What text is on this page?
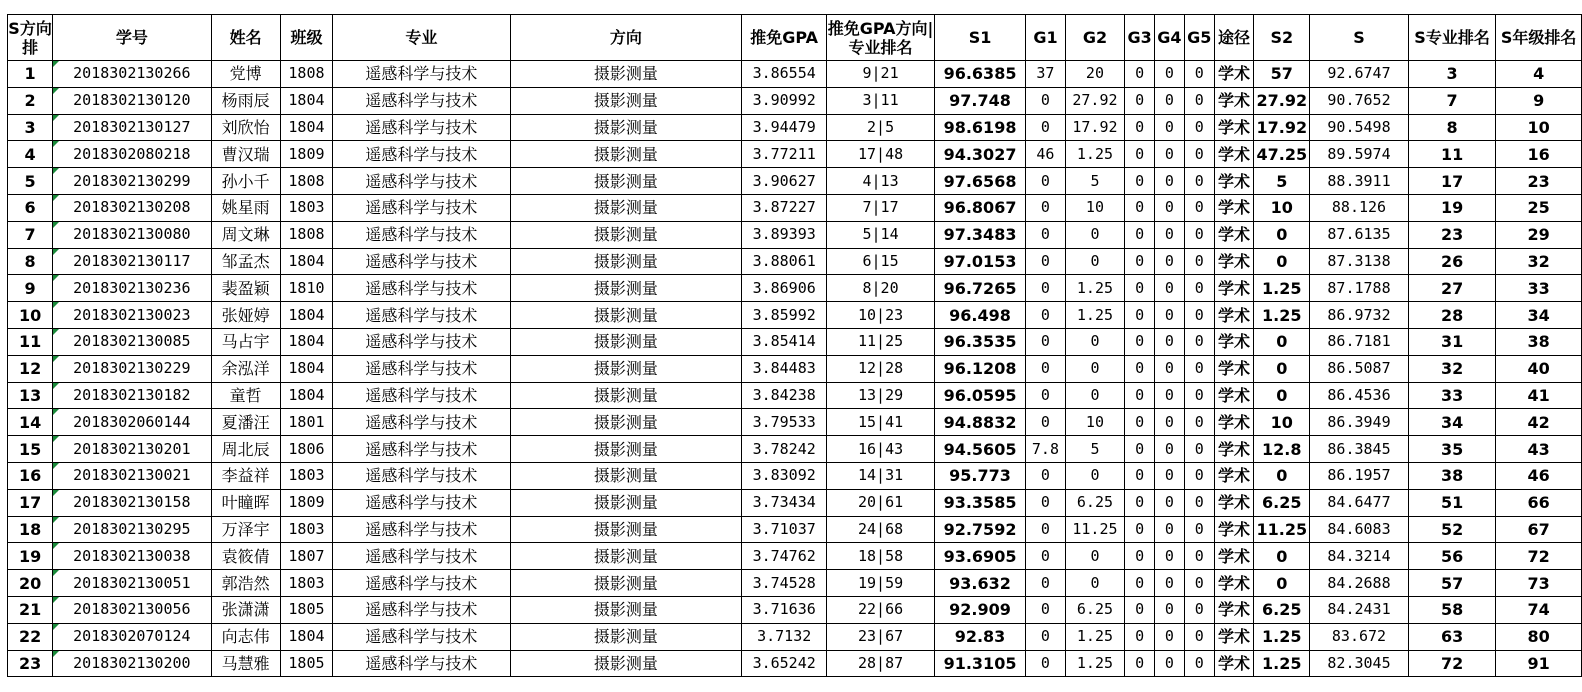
S方向排	学号	姓名	班级	专业	方向	推免GPA	推免GPA方向|专业排名	S1	G1	G2	G3	G4	G5	途径	S2	S	S专业排名	S年级排名
1	2018302130266	党博	1808	遥感科学与技术	摄影测量	3.86554	9|21	96.6385	37	20	0	0	0	学术	57	92.6747	3	4
2	2018302130120	杨雨辰	1804	遥感科学与技术	摄影测量	3.90992	3|11	97.748	0	27.92	0	0	0	学术	27.92	90.7652	7	9
3	2018302130127	刘欣怡	1804	遥感科学与技术	摄影测量	3.94479	2|5	98.6198	0	17.92	0	0	0	学术	17.92	90.5498	8	10
4	2018302080218	曹汉瑞	1809	遥感科学与技术	摄影测量	3.77211	17|48	94.3027	46	1.25	0	0	0	学术	47.25	89.5974	11	16
5	2018302130299	孙小千	1808	遥感科学与技术	摄影测量	3.90627	4|13	97.6568	0	5	0	0	0	学术	5	88.3911	17	23
6	2018302130208	姚星雨	1803	遥感科学与技术	摄影测量	3.87227	7|17	96.8067	0	10	0	0	0	学术	10	88.126	19	25
7	2018302130080	周文琳	1808	遥感科学与技术	摄影测量	3.89393	5|14	97.3483	0	0	0	0	0	学术	0	87.6135	23	29
8	2018302130117	邹孟杰	1804	遥感科学与技术	摄影测量	3.88061	6|15	97.0153	0	0	0	0	0	学术	0	87.3138	26	32
9	2018302130236	裴盈颖	1810	遥感科学与技术	摄影测量	3.86906	8|20	96.7265	0	1.25	0	0	0	学术	1.25	87.1788	27	33
10	2018302130023	张娅婷	1804	遥感科学与技术	摄影测量	3.85992	10|23	96.498	0	1.25	0	0	0	学术	1.25	86.9732	28	34
11	2018302130085	马占宇	1804	遥感科学与技术	摄影测量	3.85414	11|25	96.3535	0	0	0	0	0	学术	0	86.7181	31	38
12	2018302130229	余泓洋	1804	遥感科学与技术	摄影测量	3.84483	12|28	96.1208	0	0	0	0	0	学术	0	86.5087	32	40
13	2018302130182	童哲	1804	遥感科学与技术	摄影测量	3.84238	13|29	96.0595	0	0	0	0	0	学术	0	86.4536	33	41
14	2018302060144	夏潘汪	1801	遥感科学与技术	摄影测量	3.79533	15|41	94.8832	0	10	0	0	0	学术	10	86.3949	34	42
15	2018302130201	周北辰	1806	遥感科学与技术	摄影测量	3.78242	16|43	94.5605	7.8	5	0	0	0	学术	12.8	86.3845	35	43
16	2018302130021	李益祥	1803	遥感科学与技术	摄影测量	3.83092	14|31	95.773	0	0	0	0	0	学术	0	86.1957	38	46
17	2018302130158	叶瞳晖	1809	遥感科学与技术	摄影测量	3.73434	20|61	93.3585	0	6.25	0	0	0	学术	6.25	84.6477	51	66
18	2018302130295	万泽宇	1803	遥感科学与技术	摄影测量	3.71037	24|68	92.7592	0	11.25	0	0	0	学术	11.25	84.6083	52	67
19	2018302130038	袁筱倩	1807	遥感科学与技术	摄影测量	3.74762	18|58	93.6905	0	0	0	0	0	学术	0	84.3214	56	72
20	2018302130051	郭浩然	1803	遥感科学与技术	摄影测量	3.74528	19|59	93.632	0	0	0	0	0	学术	0	84.2688	57	73
21	2018302130056	张潇潇	1805	遥感科学与技术	摄影测量	3.71636	22|66	92.909	0	6.25	0	0	0	学术	6.25	84.2431	58	74
22	2018302070124	向志伟	1804	遥感科学与技术	摄影测量	3.7132	23|67	92.83	0	1.25	0	0	0	学术	1.25	83.672	63	80
23	2018302130200	马慧雅	1805	遥感科学与技术	摄影测量	3.65242	28|87	91.3105	0	1.25	0	0	0	学术	1.25	82.3045	72	91
